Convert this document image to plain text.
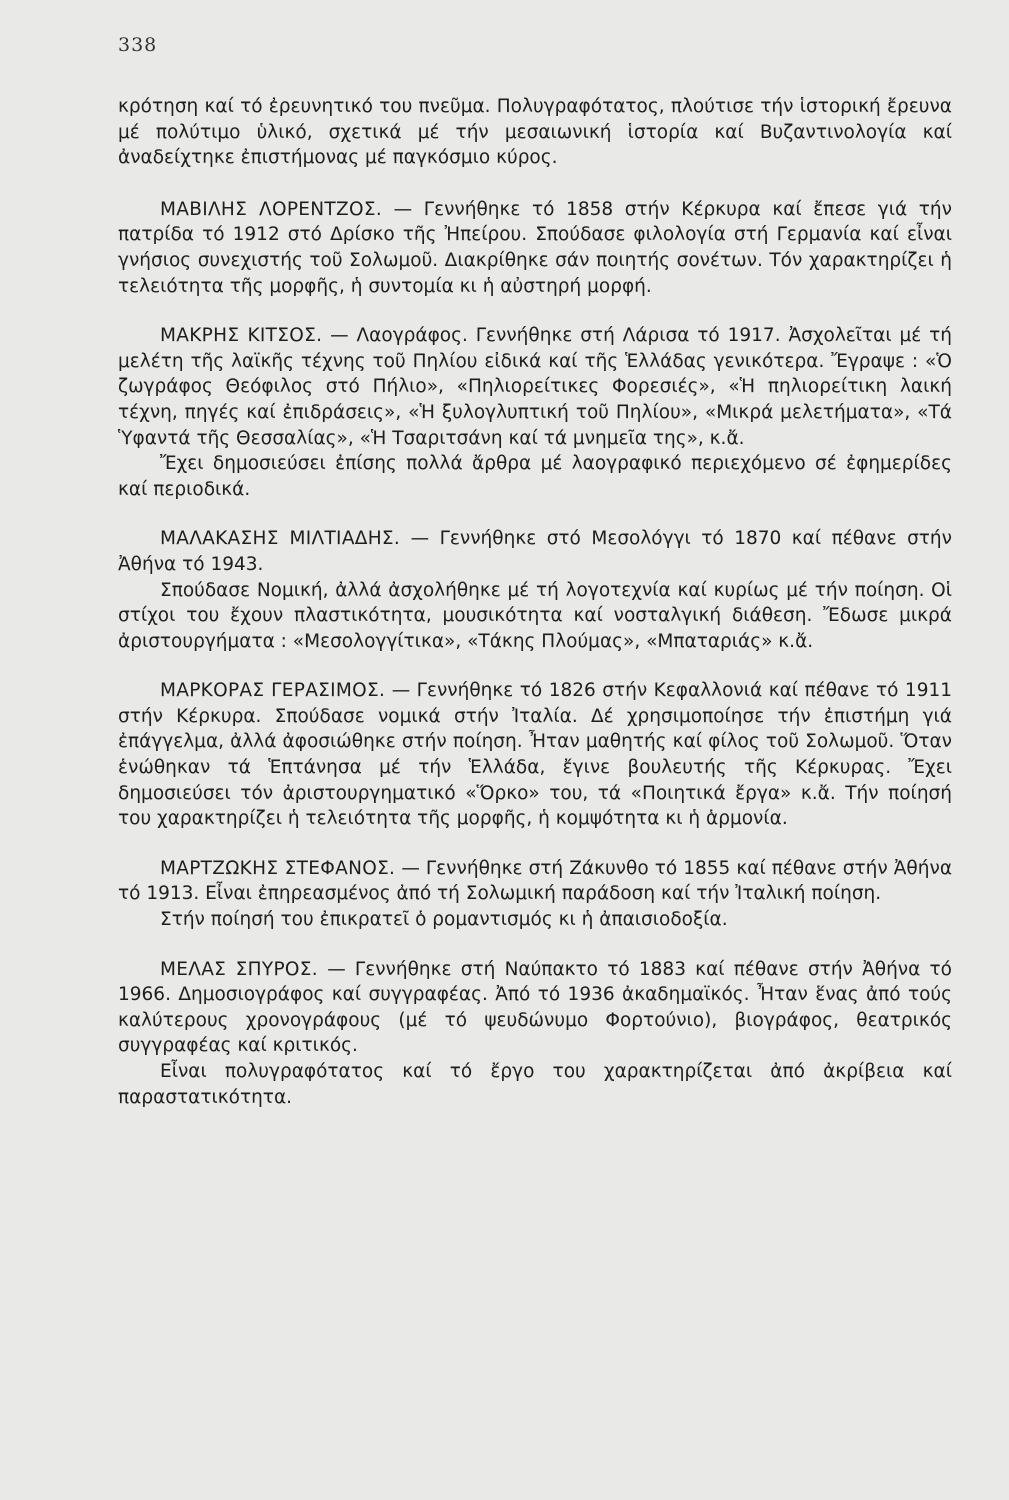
338

κρότηση καί τό ἐρευνητικό του πνεῦμα. Πολυγραφότατος, πλούτισε τήν ἱστορική ἔρευνα μέ πολύτιμο ὑλικό, σχετικά μέ τήν μεσαιωνική ἱστορία καί Βυζαντινολογία καί ἀναδείχτηκε ἐπιστήμονας μέ παγκόσμιο κύρος.

ΜΑΒΙΛΗΣ ΛΟΡΕΝΤΖΟΣ. — Γεννήθηκε τό 1858 στήν Κέρκυρα καί ἔπεσε γιά τήν πατρίδα τό 1912 στό Δρίσκο τῆς Ἠπείρου. Σπούδασε φιλολογία στή Γερμανία καί εἶναι γνήσιος συνεχιστής τοῦ Σολωμοῦ. Διακρίθηκε σάν ποιητής σονέτων. Τόν χαρακτηρίζει ἡ τελειότητα τῆς μορφῆς, ἡ συντομία κι ἡ αὐστηρή μορφή.

ΜΑΚΡΗΣ ΚΙΤΣΟΣ. — Λαογράφος. Γεννήθηκε στή Λάρισα τό 1917. Ἀσχολεῖται μέ τή μελέτη τῆς λαϊκῆς τέχνης τοῦ Πηλίου εἰδικά καί τῆς Ἑλλάδας γενικότερα. Ἔγραψε : «Ὁ ζωγράφος Θεόφιλος στό Πήλιο», «Πηλιορείτικες Φορεσιές», «Ἡ πηλιορείτικη λαική τέχνη, πηγές καί ἐπιδράσεις», «Ἡ ξυλογλυπτική τοῦ Πηλίου», «Μικρά μελετήματα», «Τά Ὑφαντά τῆς Θεσσαλίας», «Ἡ Τσαριτσάνη καί τά μνημεῖα της», κ.ἄ.

Ἔχει δημοσιεύσει ἐπίσης πολλά ἄρθρα μέ λαογραφικό περιεχόμενο σέ ἐφημερίδες καί περιοδικά.

ΜΑΛΑΚΑΣΗΣ ΜΙΛΤΙΑΔΗΣ. — Γεννήθηκε στό Μεσολόγγι τό 1870 καί πέθανε στήν Ἀθήνα τό 1943.

Σπούδασε Νομική, ἀλλά ἀσχολήθηκε μέ τή λογοτεχνία καί κυρίως μέ τήν ποίηση. Οἱ στίχοι του ἔχουν πλαστικότητα, μουσικότητα καί νοσταλγική διάθεση. Ἔδωσε μικρά ἀριστουργήματα : «Μεσολογγίτικα», «Τάκης Πλούμας», «Μπαταριάς» κ.ἄ.

ΜΑΡΚΟΡΑΣ ΓΕΡΑΣΙΜΟΣ. — Γεννήθηκε τό 1826 στήν Κεφαλλονιά καί πέθανε τό 1911 στήν Κέρκυρα. Σπούδασε νομικά στήν Ἰταλία. Δέ χρησιμοποίησε τήν ἐπιστήμη γιά ἐπάγγελμα, ἀλλά ἀφοσιώθηκε στήν ποίηση. Ἦταν μαθητής καί φίλος τοῦ Σολωμοῦ. Ὅταν ἑνώθηκαν τά Ἑπτάνησα μέ τήν Ἑλλάδα, ἔγινε βουλευτής τῆς Κέρκυρας. Ἔχει δημοσιεύσει τόν ἀριστουργηματικό «Ὅρκο» του, τά «Ποιητικά ἔργα» κ.ἄ. Τήν ποίησή του χαρακτηρίζει ἡ τελειότητα τῆς μορφῆς, ἡ κομψότητα κι ἡ ἁρμονία.

ΜΑΡΤΖΩΚΗΣ ΣΤΕΦΑΝΟΣ. — Γεννήθηκε στή Ζάκυνθο τό 1855 καί πέθανε στήν Ἀθήνα τό 1913. Εἶναι ἐπηρεασμένος ἀπό τή Σολωμική παράδοση καί τήν Ἰταλική ποίηση.

Στήν ποίησή του ἐπικρατεῖ ὁ ρομαντισμός κι ἡ ἀπαισιοδοξία.

ΜΕΛΑΣ ΣΠΥΡΟΣ. — Γεννήθηκε στή Ναύπακτο τό 1883 καί πέθανε στήν Ἀθήνα τό 1966. Δημοσιογράφος καί συγγραφέας. Ἀπό τό 1936 ἀκαδημαϊκός. Ἦταν ἕνας ἀπό τούς καλύτερους χρονογράφους (μέ τό ψευδώνυμο Φορτούνιο), βιογράφος, θεατρικός συγγραφέας καί κριτικός.

Εἶναι πολυγραφότατος καί τό ἔργο του χαρακτηρίζεται ἀπό ἀκρίβεια καί παραστατικότητα.
